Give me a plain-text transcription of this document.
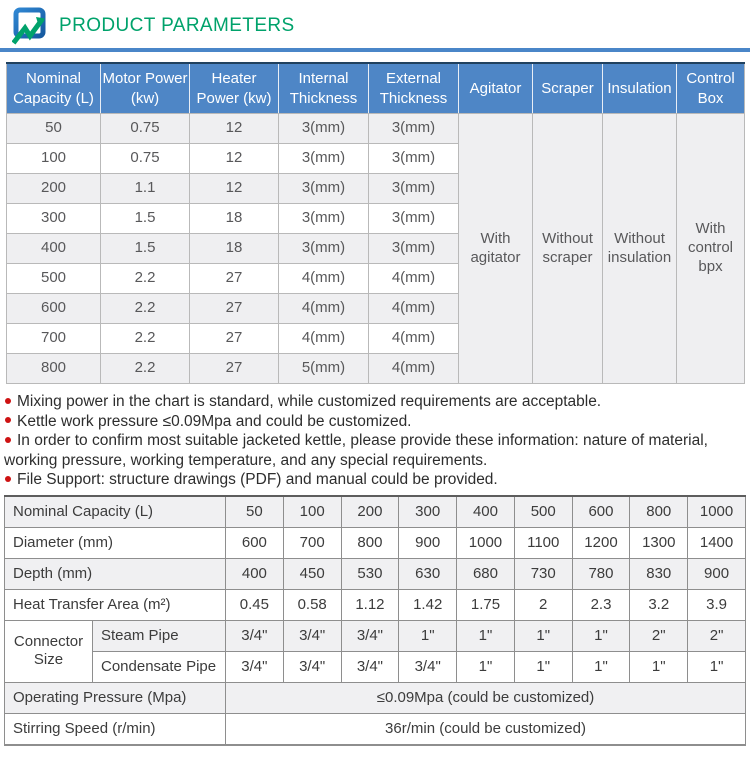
PRODUCT PARAMETERS
Nominal Capacity (L)	Motor Power (kw)	Heater Power (kw)	Internal Thickness	External Thickness	Agitator	Scraper	Insulation	Control Box
50	0.75	12	3(mm)	3(mm)	With agitator	Without scraper	Without insulation	With control bpx
100	0.75	12	3(mm)	3(mm)				
200	1.1	12	3(mm)	3(mm)				
300	1.5	18	3(mm)	3(mm)				
400	1.5	18	3(mm)	3(mm)				
500	2.2	27	4(mm)	4(mm)				
600	2.2	27	4(mm)	4(mm)				
700	2.2	27	4(mm)	4(mm)				
800	2.2	27	5(mm)	4(mm)				
Mixing power in the chart is standard, while customized requirements are acceptable.
Kettle work pressure ≤0.09Mpa and could be customized.
In order to confirm most suitable jacketed kettle, please provide these information: nature of material, working pressure, working temperature, and any special requirements.
File Support: structure drawings (PDF) and manual could be provided.
Nominal Capacity (L)		50	100	200	300	400	500	600	800	1000
Diameter (mm)		600	700	800	900	1000	1100	1200	1300	1400
Depth (mm)		400	450	530	630	680	730	780	830	900
Heat Transfer Area (m²)		0.45	0.58	1.12	1.42	1.75	2	2.3	3.2	3.9
Connector Size	Steam Pipe	3/4"	3/4"	3/4"	1"	1"	1"	1"	2"	2"
	Condensate Pipe	3/4"	3/4"	3/4"	3/4"	1"	1"	1"	1"	1"
Operating Pressure (Mpa)		≤0.09Mpa (could be customized)								
Stirring Speed (r/min)		36r/min (could be customized)								
